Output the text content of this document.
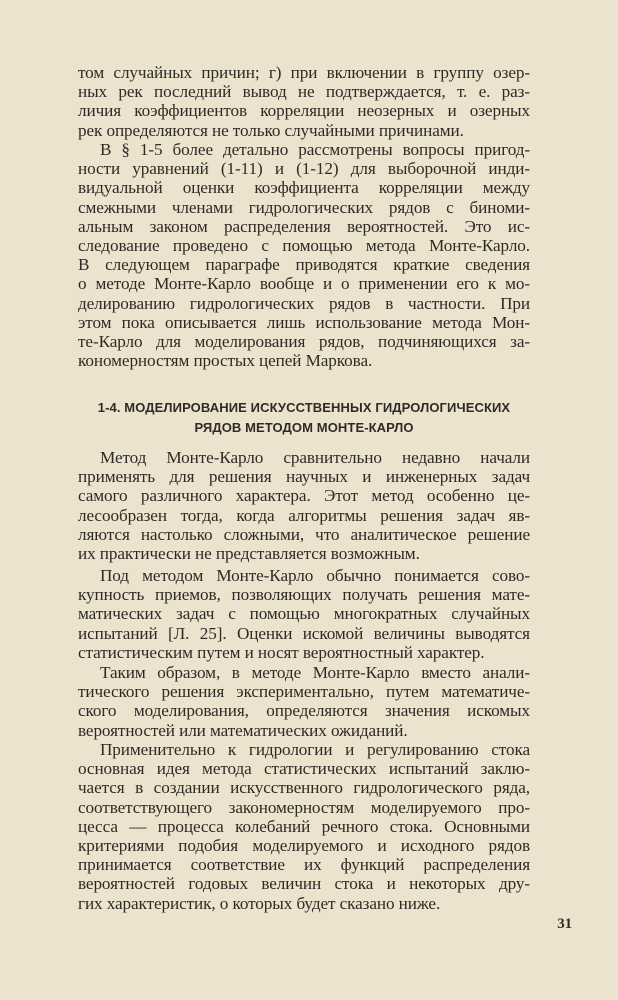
том случайных причин; г) при включении в группу озер-
ных рек последний вывод не подтверждается, т. е. раз-
личия коэффициентов корреляции неозерных и озерных
рек определяются не только случайными причинами.
В § 1-5 более детально рассмотрены вопросы пригод-
ности уравнений (1-11) и (1-12) для выборочной инди-
видуальной оценки коэффициента корреляции между
смежными членами гидрологических рядов с биноми-
альным законом распределения вероятностей. Это ис-
следование проведено с помощью метода Монте-Карло.
В следующем параграфе приводятся краткие сведения
о методе Монте-Карло вообще и о применении его к мо-
делированию гидрологических рядов в частности. При
этом пока описывается лишь использование метода Мон-
те-Карло для моделирования рядов, подчиняющихся за-
кономерностям простых цепей Маркова.
1-4. МОДЕЛИРОВАНИЕ ИСКУССТВЕННЫХ ГИДРОЛОГИЧЕСКИХ
РЯДОВ МЕТОДОМ МОНТЕ-КАРЛО
Метод Монте-Карло сравнительно недавно начали
применять для решения научных и инженерных задач
самого различного характера. Этот метод особенно це-
лесообразен тогда, когда алгоритмы решения задач яв-
ляются настолько сложными, что аналитическое решение
их практически не представляется возможным.
Под методом Монте-Карло обычно понимается сово-
купность приемов, позволяющих получать решения мате-
матических задач с помощью многократных случайных
испытаний [Л. 25]. Оценки искомой величины выводятся
статистическим путем и носят вероятностный характер.
Таким образом, в методе Монте-Карло вместо анали-
тического решения экспериментально, путем математиче-
ского моделирования, определяются значения искомых
вероятностей или математических ожиданий.
Применительно к гидрологии и регулированию стока
основная идея метода статистических испытаний заклю-
чается в создании искусственного гидрологического ряда,
соответствующего закономерностям моделируемого про-
цесса — процесса колебаний речного стока. Основными
критериями подобия моделируемого и исходного рядов
принимается соответствие их функций распределения
вероятностей годовых величин стока и некоторых дру-
гих характеристик, о которых будет сказано ниже.
31
